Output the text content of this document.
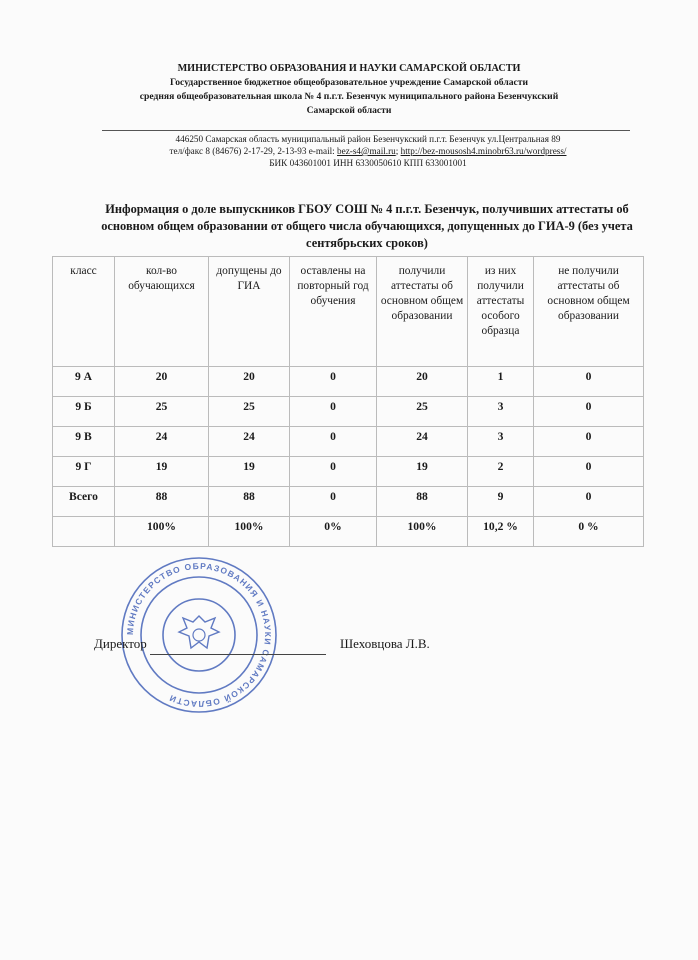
МИНИСТЕРСТВО ОБРАЗОВАНИЯ И НАУКИ САМАРСКОЙ ОБЛАСТИ
Государственное бюджетное общеобразовательное учреждение Самарской области
средняя общеобразовательная школа № 4 п.г.т. Безенчук муниципального района Безенчукский
Самарской области
446250 Самарская область муниципальный район Безенчукский п.г.т. Безенчук ул.Центральная 89
тел/факс 8 (84676) 2-17-29, 2-13-93 e-mail: bez-s4@mail.ru; http://bez-mousosh4.minobr63.ru/wordpress/
БИК 043601001 ИНН 6330050610 КПП 633001001
Информация о доле выпускников ГБОУ СОШ № 4 п.г.т. Безенчук, получивших аттестаты об основном общем образовании от общего числа обучающихся, допущенных до ГИА-9 (без учета сентябрьских сроков)
класс	кол-во обучающихся	допущены до ГИА	оставлены на повторный год обучения	получили аттестаты об основном общем образовании	из них получили аттестаты особого образца	не получили аттестаты об основном общем образовании
9 А	20	20	0	20	1	0
9 Б	25	25	0	25	3	0
9 В	24	24	0	24	3	0
9 Г	19	19	0	19	2	0
Всего	88	88	0	88	9	0
	100%	100%	0%	100%	10,2 %	0 %
МИНИСТЕРСТВО ОБРАЗОВАНИЯ И НАУКИ САМАРСКОЙ ОБЛАСТИ
Директор	Шеховцова Л.В.
